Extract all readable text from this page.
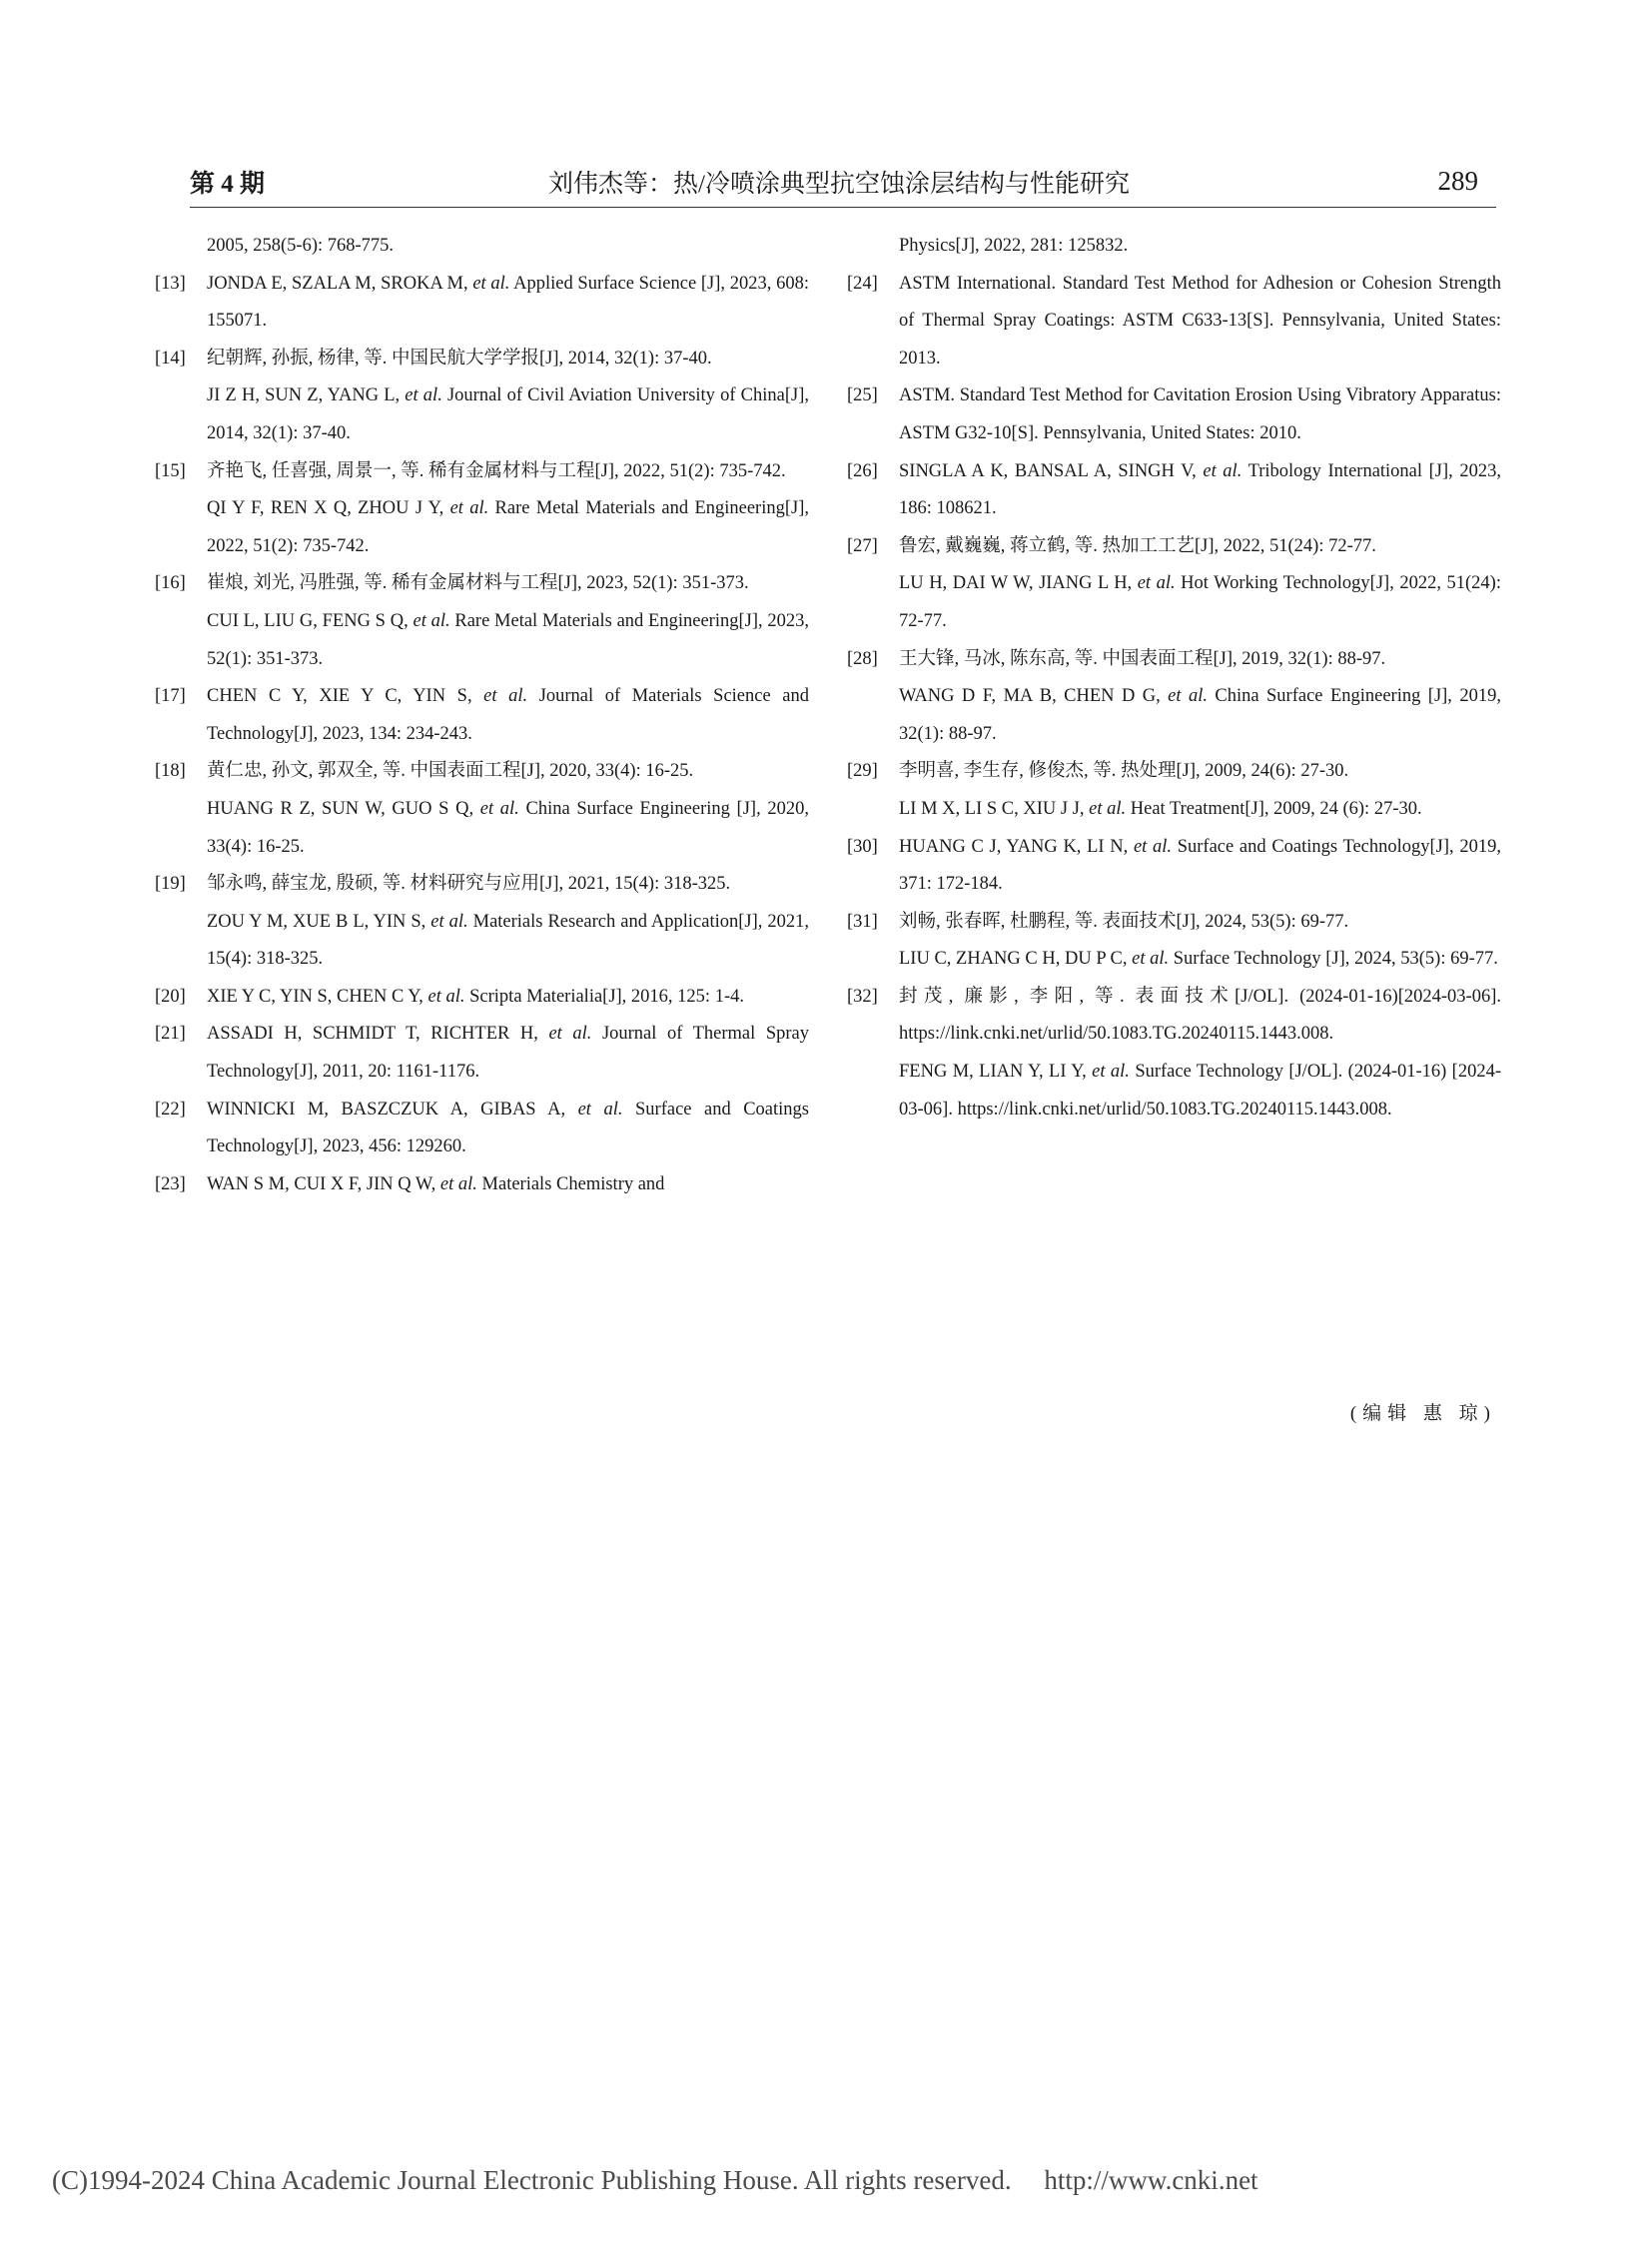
第 4 期	刘伟杰等：热/冷喷涂典型抗空蚀涂层结构与性能研究	289
2005, 258(5-6): 768-775.
[13] JONDA E, SZALA M, SROKA M, et al. Applied Surface Science [J], 2023, 608: 155071.
[14] 纪朝辉, 孙振, 杨律, 等. 中国民航大学学报[J], 2014, 32(1): 37-40.
JI Z H, SUN Z, YANG L, et al. Journal of Civil Aviation University of China[J], 2014, 32(1): 37-40.
[15] 齐艳飞, 任喜强, 周景一, 等. 稀有金属材料与工程[J], 2022, 51(2): 735-742.
QI Y F, REN X Q, ZHOU J Y, et al. Rare Metal Materials and Engineering[J], 2022, 51(2): 735-742.
[16] 崔烺, 刘光, 冯胜强, 等. 稀有金属材料与工程[J], 2023, 52(1): 351-373.
CUI L, LIU G, FENG S Q, et al. Rare Metal Materials and Engineering[J], 2023, 52(1): 351-373.
[17] CHEN C Y, XIE Y C, YIN S, et al. Journal of Materials Science and Technology[J], 2023, 134: 234-243.
[18] 黄仁忠, 孙文, 郭双全, 等. 中国表面工程[J], 2020, 33(4): 16-25.
HUANG R Z, SUN W, GUO S Q, et al. China Surface Engineering [J], 2020, 33(4): 16-25.
[19] 邹永鸣, 薛宝龙, 殷硕, 等. 材料研究与应用[J], 2021, 15(4): 318-325.
ZOU Y M, XUE B L, YIN S, et al. Materials Research and Application[J], 2021, 15(4): 318-325.
[20] XIE Y C, YIN S, CHEN C Y, et al. Scripta Materialia[J], 2016, 125: 1-4.
[21] ASSADI H, SCHMIDT T, RICHTER H, et al. Journal of Thermal Spray Technology[J], 2011, 20: 1161-1176.
[22] WINNICKI M, BASZCZUK A, GIBAS A, et al. Surface and Coatings Technology[J], 2023, 456: 129260.
[23] WAN S M, CUI X F, JIN Q W, et al. Materials Chemistry and
Physics[J], 2022, 281: 125832.
[24] ASTM International. Standard Test Method for Adhesion or Cohesion Strength of Thermal Spray Coatings: ASTM C633-13[S]. Pennsylvania, United States: 2013.
[25] ASTM. Standard Test Method for Cavitation Erosion Using Vibratory Apparatus: ASTM G32-10[S]. Pennsylvania, United States: 2010.
[26] SINGLA A K, BANSAL A, SINGH V, et al. Tribology International [J], 2023, 186: 108621.
[27] 鲁宏, 戴巍巍, 蒋立鹤, 等. 热加工工艺[J], 2022, 51(24): 72-77.
LU H, DAI W W, JIANG L H, et al. Hot Working Technology[J], 2022, 51(24): 72-77.
[28] 王大锋, 马冰, 陈东高, 等. 中国表面工程[J], 2019, 32(1): 88-97.
WANG D F, MA B, CHEN D G, et al. China Surface Engineering [J], 2019, 32(1): 88-97.
[29] 李明喜, 李生存, 修俊杰, 等. 热处理[J], 2009, 24(6): 27-30.
LI M X, LI S C, XIU J J, et al. Heat Treatment[J], 2009, 24 (6): 27-30.
[30] HUANG C J, YANG K, LI N, et al. Surface and Coatings Technology[J], 2019, 371: 172-184.
[31] 刘畅, 张春晖, 杜鹏程, 等. 表面技术[J], 2024, 53(5): 69-77.
LIU C, ZHANG C H, DU P C, et al. Surface Technology [J], 2024, 53(5): 69-77.
[32] 封茂, 廉影, 李阳, 等. 表面技术[J/OL]. (2024-01-16)[2024-03-06]. https://link.cnki.net/urlid/50.1083.TG.20240115.1443.008.
FENG M, LIAN Y, LI Y, et al. Surface Technology [J/OL]. (2024-01-16) [2024-03-06]. https://link.cnki.net/urlid/50.1083.TG.20240115.1443.008.
(编辑 惠 琼)
(C)1994-2024 China Academic Journal Electronic Publishing House. All rights reserved. http://www.cnki.net
